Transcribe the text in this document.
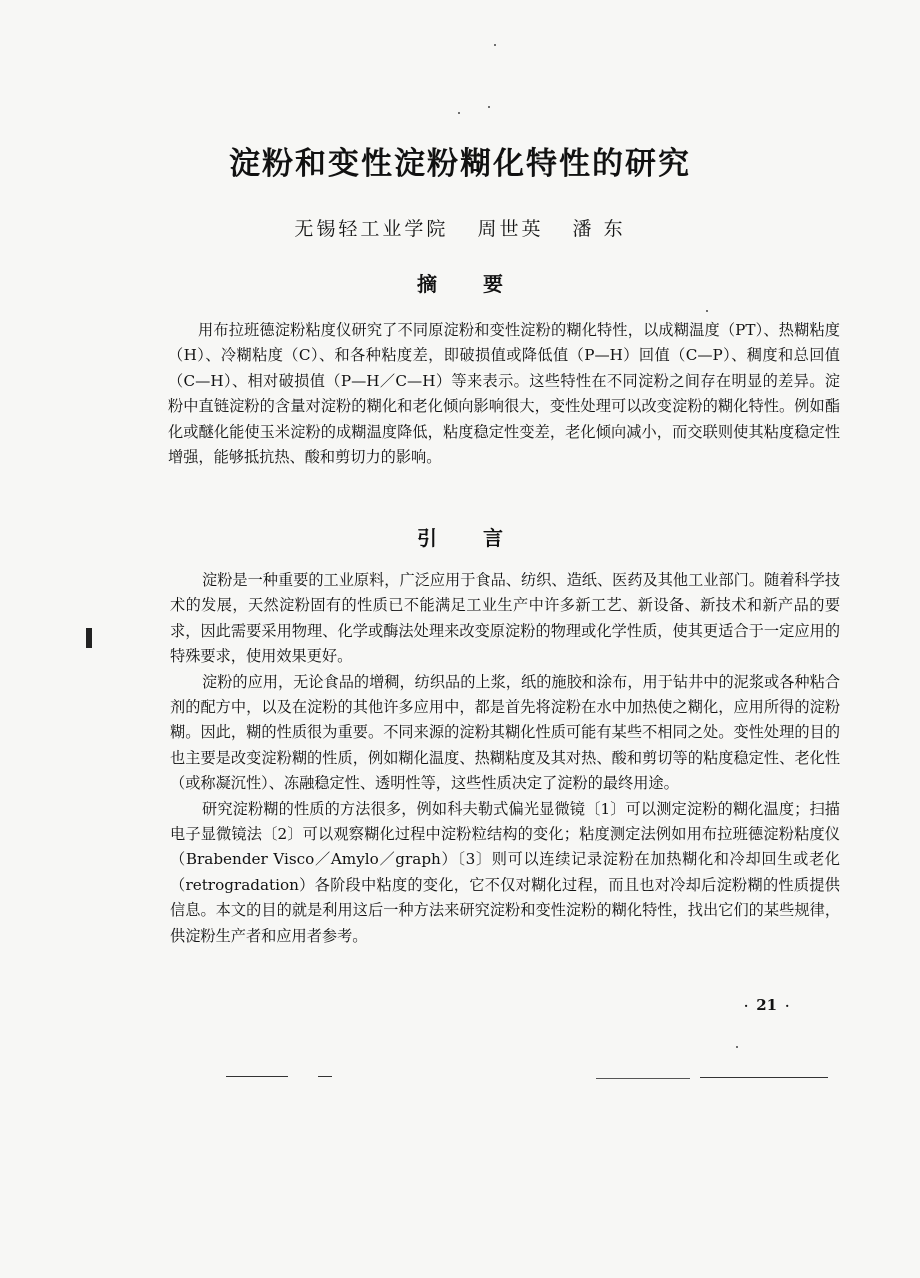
淀粉和变性淀粉糊化特性的研究
无锡轻工业学院 周世英 潘 东
摘要

用布拉班德淀粉粘度仪研究了不同原淀粉和变性淀粉的糊化特性，以成糊温度（PT）、热糊粘度（H）、冷糊粘度（C）、和各种粘度差，即破损值或降低值（P—H）回值（C—P）、稠度和总回值（C—H）、相对破损值（P—H／C—H）等来表示。这些特性在不同淀粉之间存在明显的差异。淀粉中直链淀粉的含量对淀粉的糊化和老化倾向影响很大，变性处理可以改变淀粉的糊化特性。例如酯化或醚化能使玉米淀粉的成糊温度降低，粘度稳定性变差，老化倾向减小，而交联则使其粘度稳定性增强，能够抵抗热、酸和剪切力的影响。

引言

淀粉是一种重要的工业原料，广泛应用于食品、纺织、造纸、医药及其他工业部门。随着科学技术的发展，天然淀粉固有的性质已不能满足工业生产中许多新工艺、新设备、新技术和新产品的要求，因此需要采用物理、化学或酶法处理来改变原淀粉的物理或化学性质，使其更适合于一定应用的特殊要求，使用效果更好。

淀粉的应用，无论食品的增稠，纺织品的上浆，纸的施胶和涂布，用于钻井中的泥浆或各种粘合剂的配方中，以及在淀粉的其他许多应用中，都是首先将淀粉在水中加热使之糊化，应用所得的淀粉糊。因此，糊的性质很为重要。不同来源的淀粉其糊化性质可能有某些不相同之处。变性处理的目的也主要是改变淀粉糊的性质，例如糊化温度、热糊粘度及其对热、酸和剪切等的粘度稳定性、老化性（或称凝沉性）、冻融稳定性、透明性等，这些性质决定了淀粉的最终用途。

研究淀粉糊的性质的方法很多，例如科夫勒式偏光显微镜〔1〕可以测定淀粉的糊化温度；扫描电子显微镜法〔2〕可以观察糊化过程中淀粉粒结构的变化；粘度测定法例如用布拉班德淀粉粘度仪（Brabender Visco／Amylo／graph）〔3〕则可以连续记录淀粉在加热糊化和冷却回生或老化（retrogradation）各阶段中粘度的变化，它不仅对糊化过程，而且也对冷却后淀粉糊的性质提供信息。本文的目的就是利用这后一种方法来研究淀粉和变性淀粉的糊化特性，找出它们的某些规律，供淀粉生产者和应用者参考。

· 21 ·
